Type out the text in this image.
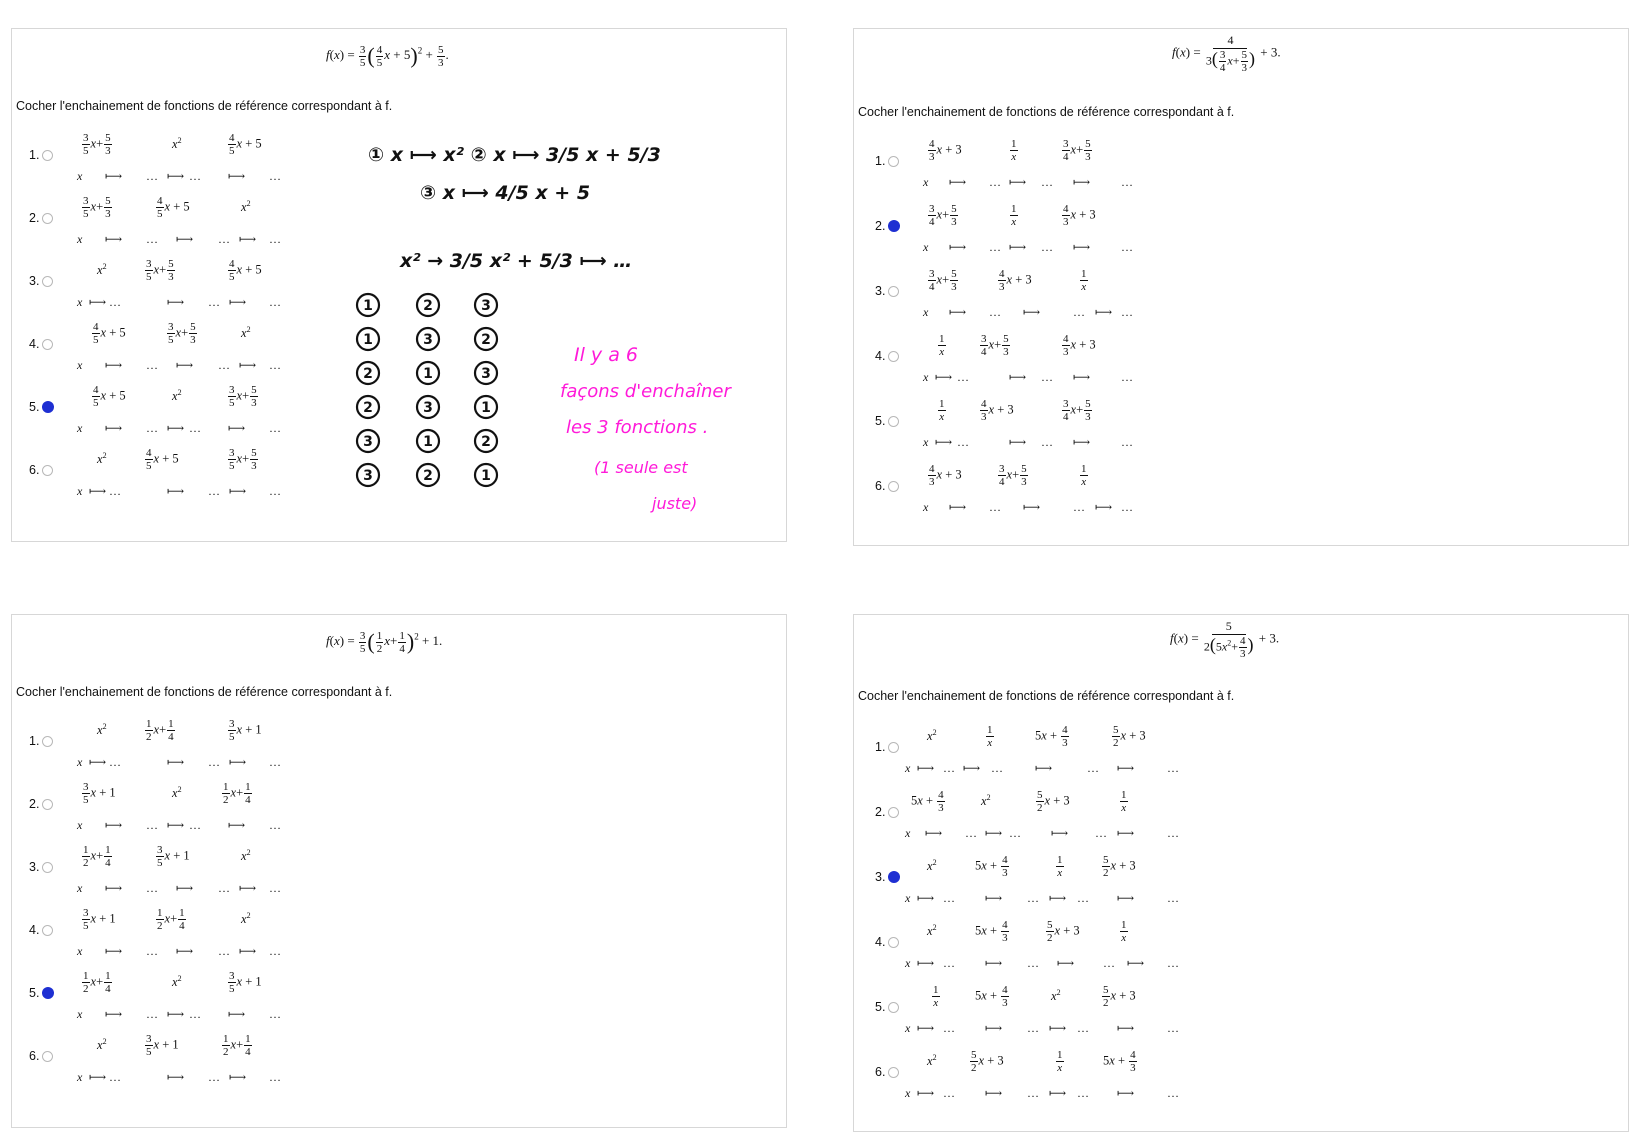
$f(x) = \frac{3}{5}$ ( $\frac{4}{5}$ $x + 5)^2 + \frac{5}{3}$ .
Cocher l'enchainement de fonctions de référence correspondant à f.
1.	$\frac{3}{5} x+ \frac{5}{3}$	$x^2$	$\frac{4}{5}$ x + 5
x ⟼ … ⟼ … ⟼ …
2.	$\frac{3}{5} x+ \frac{5}{3}$	$\frac{4}{5}$ x + 5	$x^2$
x ⟼ … ⟼ … ⟼ …
3.
$x^2$	$\frac{3}{5} x+ \frac{5}{3}$	$\frac{4}{5}$ x + 5
x ⟼ …	⟼ … ⟼ …
4.	$\frac{4}{5}$ x + 5	$\frac{3}{5} x+ \frac{5}{3}$	$x^2$
x ⟼ … ⟼ … ⟼ …
5.	$\frac{4}{5}$ x + 5	$x^2$	$\frac{3}{5} x+ \frac{5}{3}$
x ⟼ … ⟼ … ⟼ …
6.
$x^2$	$\frac{4}{5}$ x + 5	$\frac{3}{5} x+ \frac{5}{3}$
x ⟼ …	⟼ … ⟼ …
① x ⟼ x² ② x ⟼ 3/5 x + 5/3
③ x ⟼ 4/5 x + 5
x² → 3/5 x² + 5/3 ⟼ …
1	2	3
1	3	2
2	1	3
2	3	1
3	1	2
3	2	1
Il y a 6
façons d'enchaîner
les 3 fonctions .
(1 seule est
juste)
$f(x) = \frac{4}{3( \frac{3}{4} x+ \frac{5}{3} )} + 3$.
Cocher l'enchainement de fonctions de référence correspondant à f.
1.	$\frac{4}{3}$ x + 3	$\frac{1}{x}$	$\frac{3}{4} x+ \frac{5}{3}$
x ⟼ … ⟼ … ⟼	…
2.	$\frac{3}{4} x+ \frac{5}{3}$	$\frac{1}{x}$	$\frac{4}{3}$ x + 3
x ⟼ … ⟼ … ⟼	…
3.	$\frac{3}{4} x+ \frac{5}{3}$	$\frac{4}{3}$ x + 3	$\frac{1}{x}$
x ⟼ … ⟼	… ⟼ …
4.	$\frac{1}{x}$	$\frac{3}{4} x+ \frac{5}{3}$	$\frac{4}{3}$ x + 3
x ⟼ …	⟼ … ⟼	…
5.	$\frac{1}{x}$	$\frac{4}{3}$ x + 3	$\frac{3}{4} x+ \frac{5}{3}$
x ⟼ …	⟼ … ⟼	…
6.	$\frac{4}{3}$ x + 3	$\frac{3}{4} x+ \frac{5}{3}$	$\frac{1}{x}$
x ⟼ … ⟼	… ⟼ …
$f(x) = \frac{3}{5}$ ( $\frac{1}{2} x+ \frac{1}{4} )^2 + 1$.
Cocher l'enchainement de fonctions de référence correspondant à f.
1.
$x^2$	$\frac{1}{2} x+ \frac{1}{4}$	$\frac{3}{5}$ x + 1
x ⟼ …	⟼ … ⟼ …
2.	$\frac{3}{5}$ x + 1	$x^2$	$\frac{1}{2} x+ \frac{1}{4}$
x ⟼ … ⟼ … ⟼ …
3.	$\frac{1}{2} x+ \frac{1}{4}$	$\frac{3}{5}$ x + 1	$x^2$
x ⟼ … ⟼ … ⟼ …
4.	$\frac{3}{5}$ x + 1	$\frac{1}{2} x+ \frac{1}{4}$	$x^2$
x ⟼ … ⟼ … ⟼ …
5.	$\frac{1}{2} x+ \frac{1}{4}$	$x^2$	$\frac{3}{5}$ x + 1
x ⟼ … ⟼ … ⟼ …
6.
$x^2$	$\frac{3}{5}$ x + 1	$\frac{1}{2} x+ \frac{1}{4}$
x ⟼ …	⟼ … ⟼ …
$f(x) = \frac{5}{2(5x^2+ \frac{4}{3} )} + 3$.
Cocher l'enchainement de fonctions de référence correspondant à f.
1.
$x^2$	$\frac{1}{x}$	$5x + \frac{4}{3}$	$\frac{5}{2}$ x + 3
x ⟼ … ⟼ …	⟼	… ⟼	…
2.
$5x + \frac{4}{3}$	$x^2$	$\frac{5}{2}$ x + 3	$\frac{1}{x}$
x ⟼ … ⟼ …	⟼ … ⟼	…
3.
$x^2$	$5x + \frac{4}{3}$	$\frac{1}{x}$	$\frac{5}{2}$ x + 3
x ⟼ …	⟼ … ⟼ … ⟼	…
4.
$x^2$	$5x + \frac{4}{3}$	$\frac{5}{2}$ x + 3	$\frac{1}{x}$
x ⟼ …	⟼ … ⟼ … ⟼ …
5.	$\frac{1}{x}$	$5x + \frac{4}{3}$	$x^2$	$\frac{5}{2}$ x + 3
x ⟼ …	⟼ … ⟼ … ⟼	…
6.
$x^2$	$\frac{5}{2}$ x + 3	$\frac{1}{x}$	$5x + \frac{4}{3}$
x ⟼ …	⟼ … ⟼ … ⟼	…
